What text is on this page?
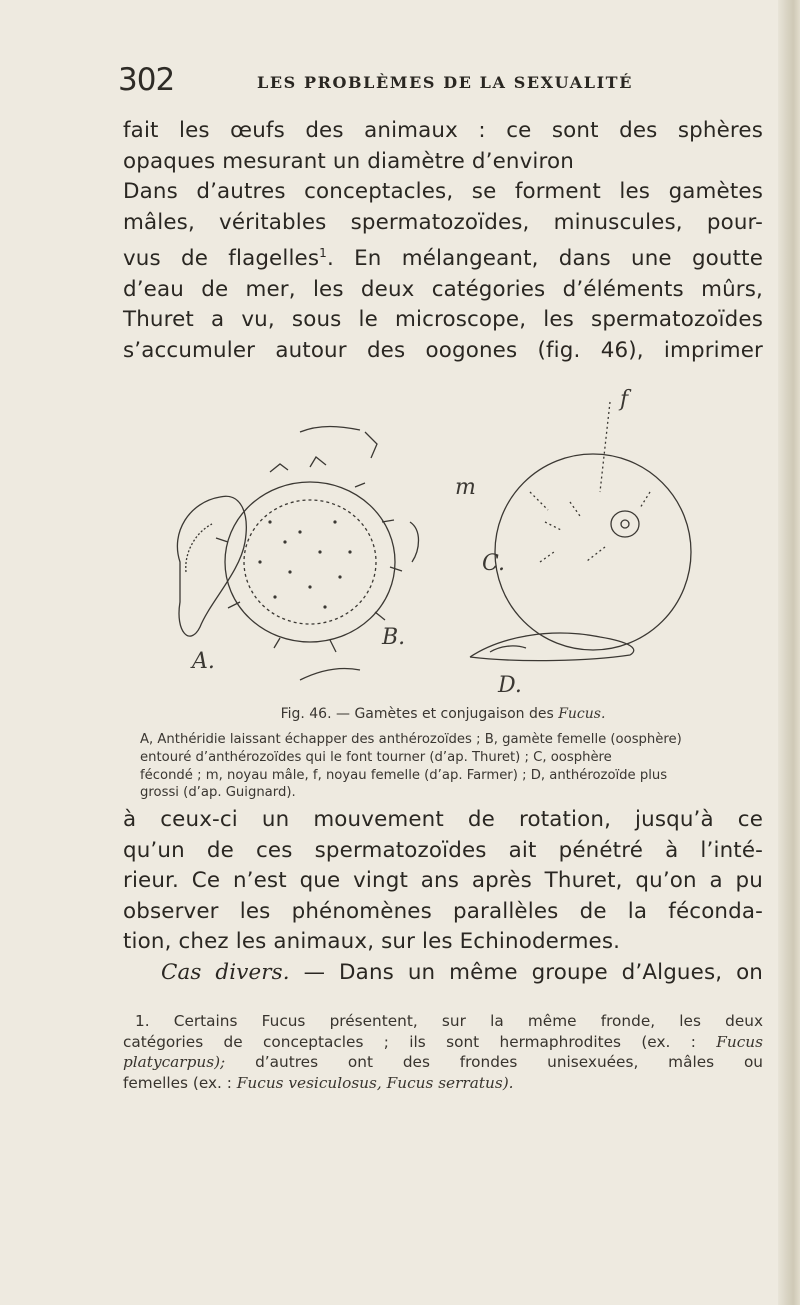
302	LES PROBLÈMES DE LA SEXUALITÉ
fait les œufs des animaux : ce sont des sphères
opaques mesurant un diamètre d’environ
Dans d’autres conceptacles, se forment les gamètes
mâles, véritables spermatozoïdes, minuscules, pour-
vus de flagelles$^1$. En mélangeant, dans une goutte
d’eau de mer, les deux catégories d’éléments mûrs,
Thuret a vu, sous le microscope, les spermatozoïdes
s’accumuler autour des oogones (fig. 46), imprimer
A.
B.
C.
D.
f
m
Fig. 46. — Gamètes et conjugaison des Fucus.
A, Anthéridie laissant échapper des anthérozoïdes ; B, gamète femelle (oosphère)
entouré d’anthérozoïdes qui le font tourner (d’ap. Thuret) ; C, oosphère
fécondé ; m, noyau mâle, f, noyau femelle (d’ap. Farmer) ; D, anthérozoïde plus
grossi (d’ap. Guignard).
à ceux-ci un mouvement de rotation, jusqu’à ce
qu’un de ces spermatozoïdes ait pénétré à l’inté-
rieur. Ce n’est que vingt ans après Thuret, qu’on a pu
observer les phénomènes parallèles de la féconda-
tion, chez les animaux, sur les Echinodermes.
Cas divers. — Dans un même groupe d’Algues, on
1. Certains Fucus présentent, sur la même fronde, les deux
catégories de conceptacles ; ils sont hermaphrodites (ex. : Fucus
platycarpus); d’autres ont des frondes unisexuées, mâles ou
femelles (ex. : Fucus vesiculosus, Fucus serratus).
